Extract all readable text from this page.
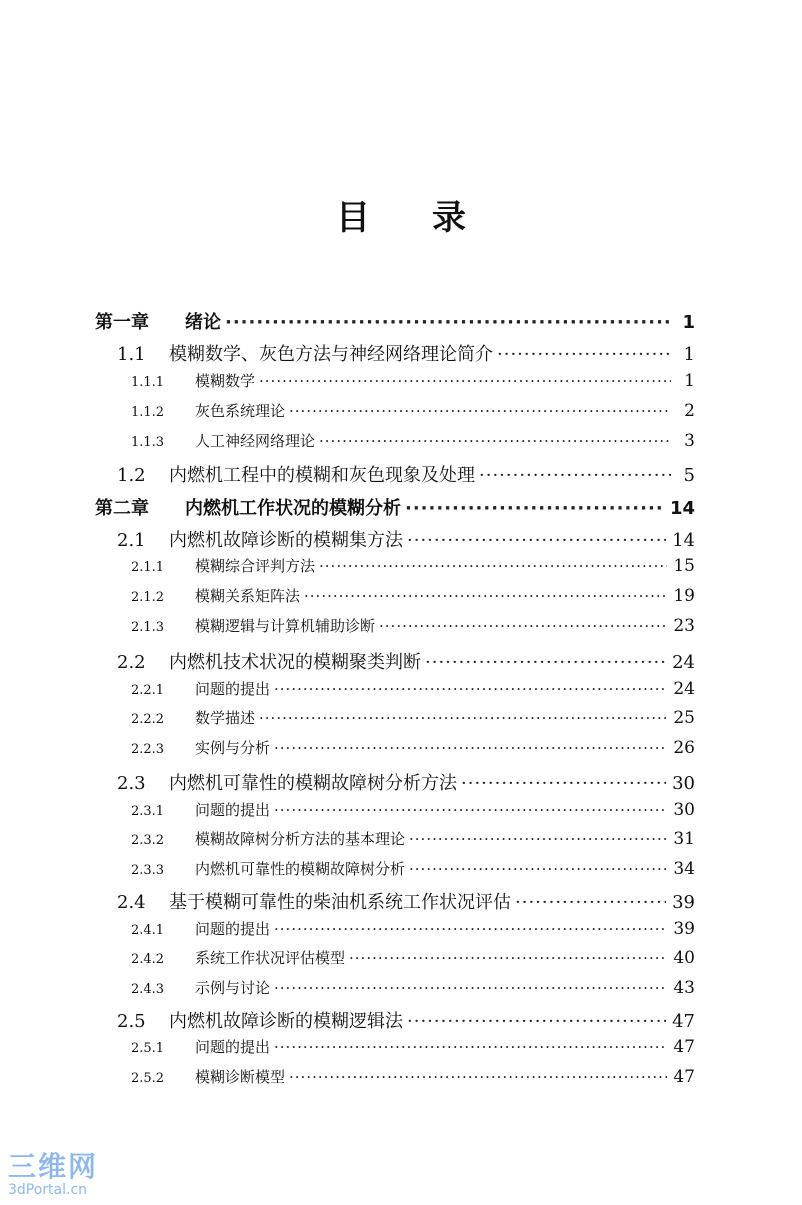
目 录
第一章	绪论 ·····	1
1.1	模糊数学、灰色方法与神经网络理论简介 ·····	1
1.1.1	模糊数学 ·····	1
1.1.2	灰色系统理论 ·····	2
1.1.3	人工神经网络理论 ·····	3
1.2	内燃机工程中的模糊和灰色现象及处理 ·····	5
第二章	内燃机工作状况的模糊分析 ·····	14
2.1	内燃机故障诊断的模糊集方法 ·····	14
2.1.1	模糊综合评判方法 ·····	15
2.1.2	模糊关系矩阵法 ·····	19
2.1.3	模糊逻辑与计算机辅助诊断 ·····	23
2.2	内燃机技术状况的模糊聚类判断 ·····	24
2.2.1	问题的提出 ·····	24
2.2.2	数学描述 ·····	25
2.2.3	实例与分析 ·····	26
2.3	内燃机可靠性的模糊故障树分析方法 ·····	30
2.3.1	问题的提出 ·····	30
2.3.2	模糊故障树分析方法的基本理论 ·····	31
2.3.3	内燃机可靠性的模糊故障树分析 ·····	34
2.4	基于模糊可靠性的柴油机系统工作状况评估 ·····	39
2.4.1	问题的提出 ·····	39
2.4.2	系统工作状况评估模型 ·····	40
2.4.3	示例与讨论 ·····	43
2.5	内燃机故障诊断的模糊逻辑法 ·····	47
2.5.1	问题的提出 ·····	47
2.5.2	模糊诊断模型 ·····	47
三维网
3dPortal.cn
